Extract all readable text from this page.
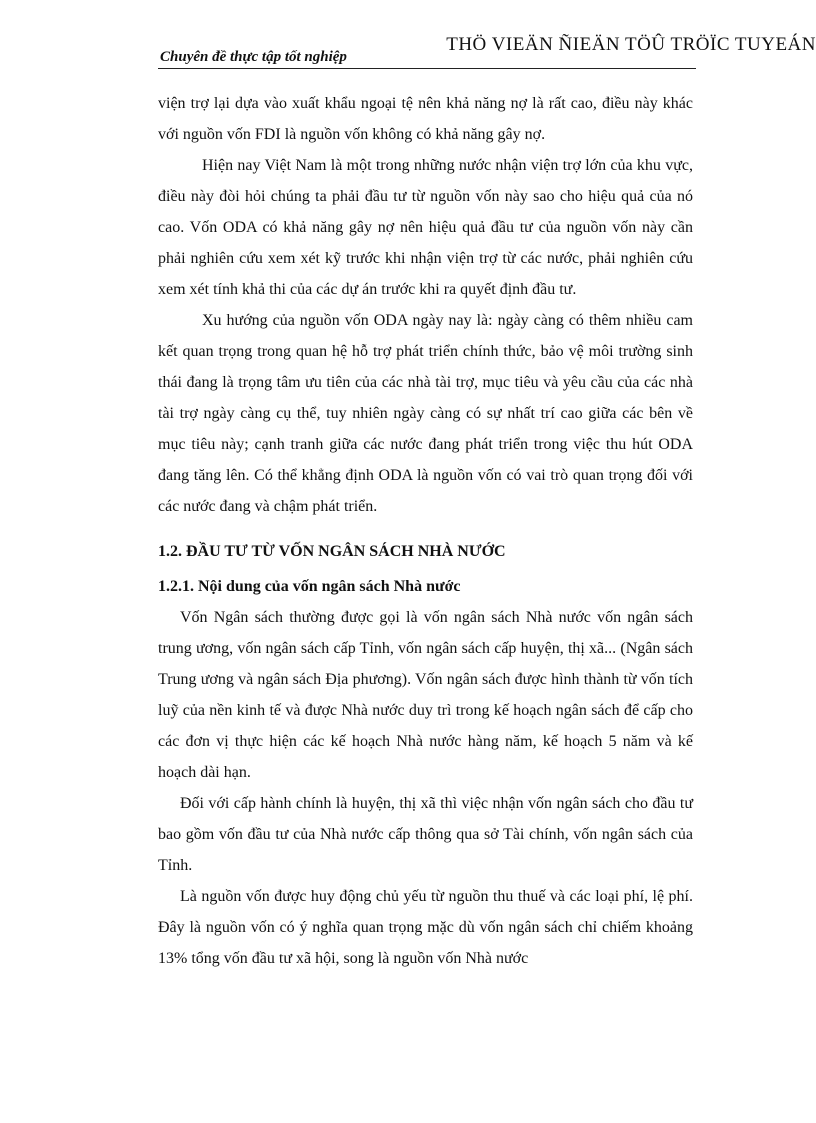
Chuyên đề thực tập tốt nghiệp
THÖ VIEÄN ÑIEÄN TÖÛ TRÖÏC TUYEÁN

viện trợ lại dựa vào xuất khẩu ngoại tệ nên khả năng nợ là rất cao, điều này khác với nguồn vốn FDI là nguồn vốn không có khả năng gây nợ.

Hiện nay Việt Nam là một trong những nước nhận viện trợ lớn của khu vực, điều này đòi hỏi chúng ta phải đầu tư từ nguồn vốn này sao cho hiệu quả của nó cao. Vốn ODA có khả năng gây nợ nên hiệu quả đầu tư của nguồn vốn này cần phải nghiên cứu xem xét kỹ trước khi nhận viện trợ từ các nước, phải nghiên cứu xem xét tính khả thi của các dự án trước khi ra quyết định đầu tư.

Xu hướng của nguồn vốn ODA ngày nay là: ngày càng có thêm nhiều cam kết quan trọng trong quan hệ hỗ trợ phát triển chính thức, bảo vệ môi trường sinh thái đang là trọng tâm ưu tiên của các nhà tài trợ, mục tiêu và yêu cầu của các nhà tài trợ ngày càng cụ thể, tuy nhiên ngày càng có sự nhất trí cao giữa các bên về mục tiêu này; cạnh tranh giữa các nước đang phát triển trong việc thu hút ODA đang tăng lên. Có thể khẳng định ODA là nguồn vốn có vai trò quan trọng đối với các nước đang và chậm phát triển.

1.2. ĐẦU TƯ TỪ VỐN NGÂN SÁCH NHÀ NƯỚC
1.2.1. Nội dung của vốn ngân sách Nhà nước

Vốn Ngân sách thường được gọi là vốn ngân sách Nhà nước vốn ngân sách trung ương, vốn ngân sách cấp Tỉnh, vốn ngân sách cấp huyện, thị xã... (Ngân sách Trung ương và ngân sách Địa phương). Vốn ngân sách được hình thành từ vốn tích luỹ của nền kinh tế và được Nhà nước duy trì trong kế hoạch ngân sách để cấp cho các đơn vị thực hiện các kế hoạch Nhà nước hàng năm, kế hoạch 5 năm và kế hoạch dài hạn.

Đối với cấp hành chính là huyện, thị xã thì việc nhận vốn ngân sách cho đầu tư bao gồm vốn đầu tư của Nhà nước cấp thông qua sở Tài chính, vốn ngân sách của Tỉnh.

Là nguồn vốn được huy động chủ yếu từ nguồn thu thuế và các loại phí, lệ phí. Đây là nguồn vốn có ý nghĩa quan trọng mặc dù vốn ngân sách chỉ chiếm khoảng 13% tổng vốn đầu tư xã hội, song là nguồn vốn Nhà nước
